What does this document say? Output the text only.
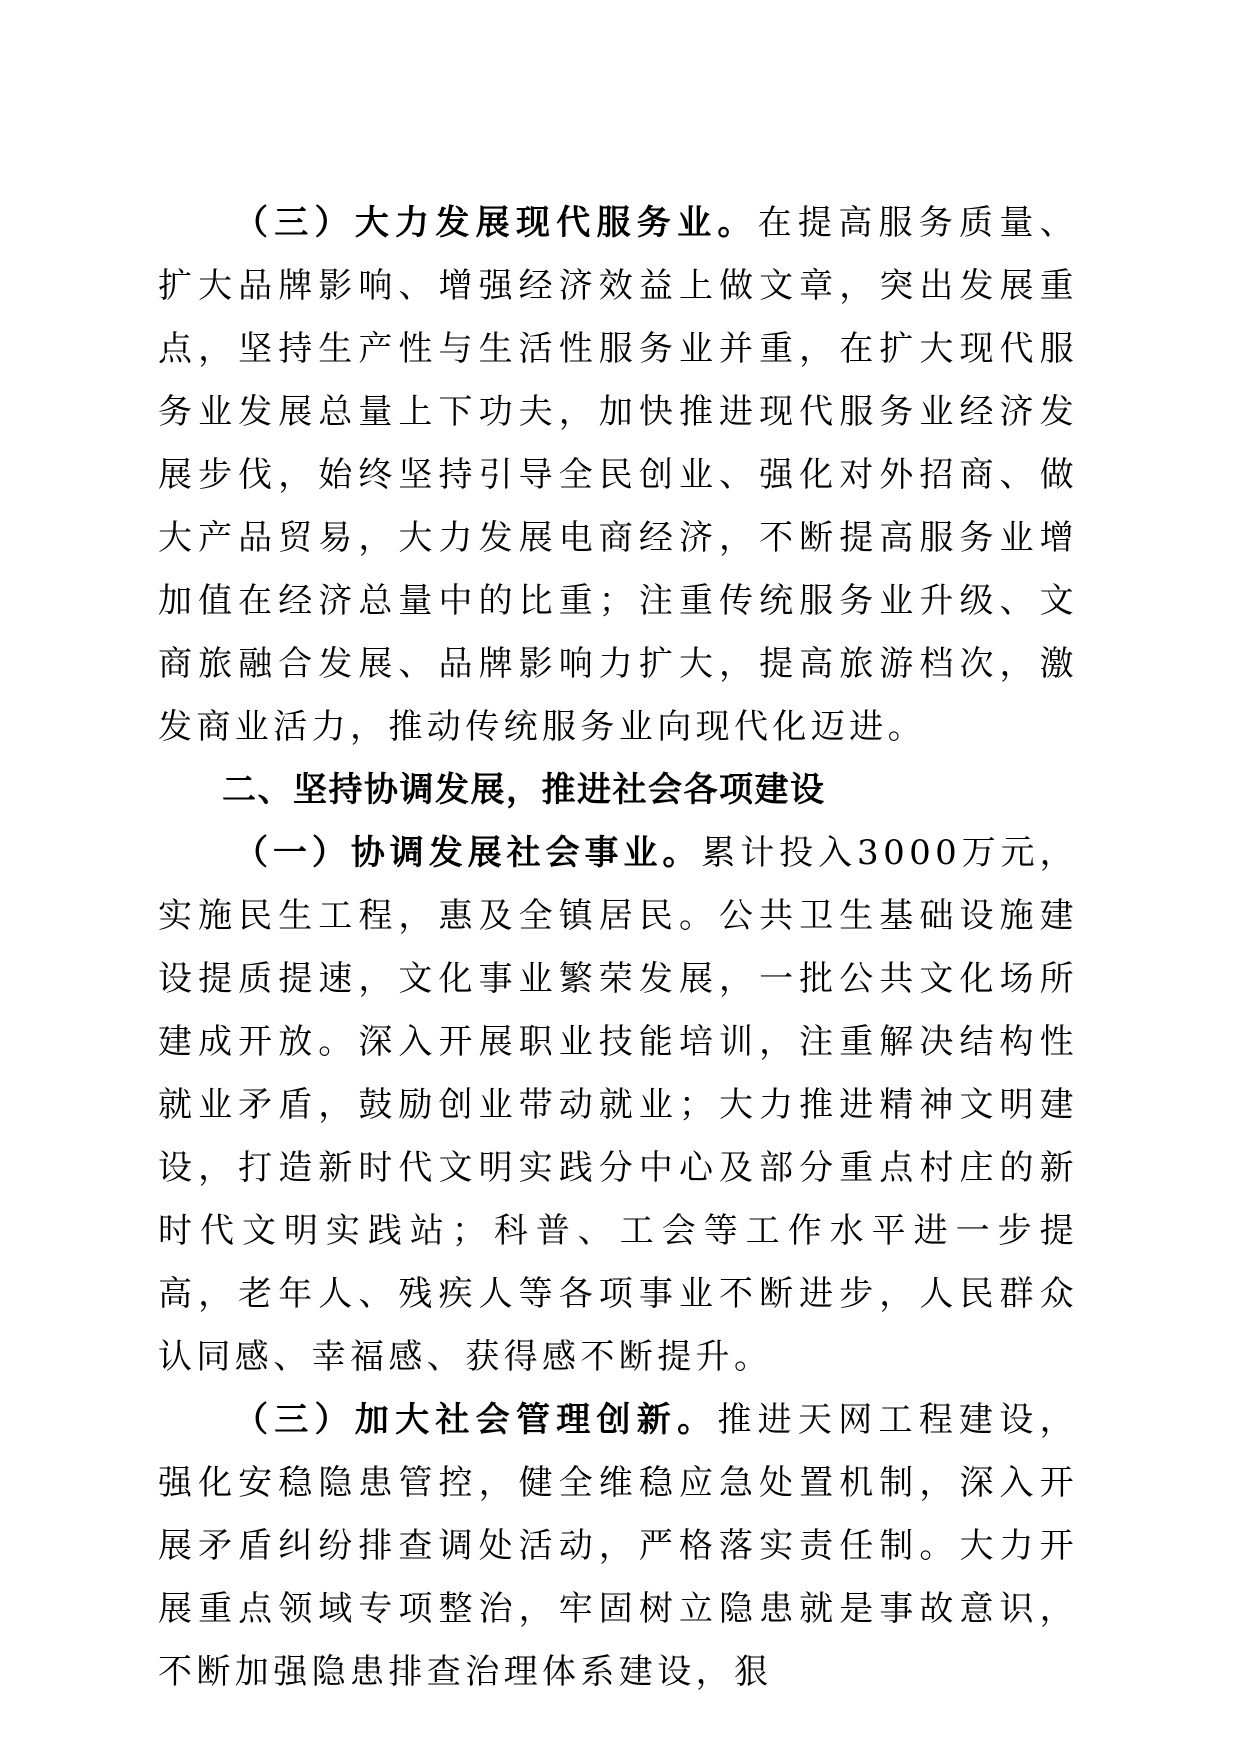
（三）大力发展现代服务业。在提高服务质量、扩大品牌影响、增强经济效益上做文章，突出发展重点，坚持生产性与生活性服务业并重，在扩大现代服务业发展总量上下功夫，加快推进现代服务业经济发展步伐，始终坚持引导全民创业、强化对外招商、做大产品贸易，大力发展电商经济，不断提高服务业增加值在经济总量中的比重；注重传统服务业升级、文商旅融合发展、品牌影响力扩大，提高旅游档次，激发商业活力，推动传统服务业向现代化迈进。

二、坚持协调发展，推进社会各项建设

（一）协调发展社会事业。累计投入3000万元，实施民生工程，惠及全镇居民。公共卫生基础设施建设提质提速，文化事业繁荣发展，一批公共文化场所建成开放。深入开展职业技能培训，注重解决结构性就业矛盾，鼓励创业带动就业；大力推进精神文明建设，打造新时代文明实践分中心及部分重点村庄的新时代文明实践站；科普、工会等工作水平进一步提高，老年人、残疾人等各项事业不断进步，人民群众认同感、幸福感、获得感不断提升。

（三）加大社会管理创新。推进天网工程建设，强化安稳隐患管控，健全维稳应急处置机制，深入开展矛盾纠纷排查调处活动，严格落实责任制。大力开展重点领域专项整治，牢固树立隐患就是事故意识，不断加强隐患排查治理体系建设，狠
